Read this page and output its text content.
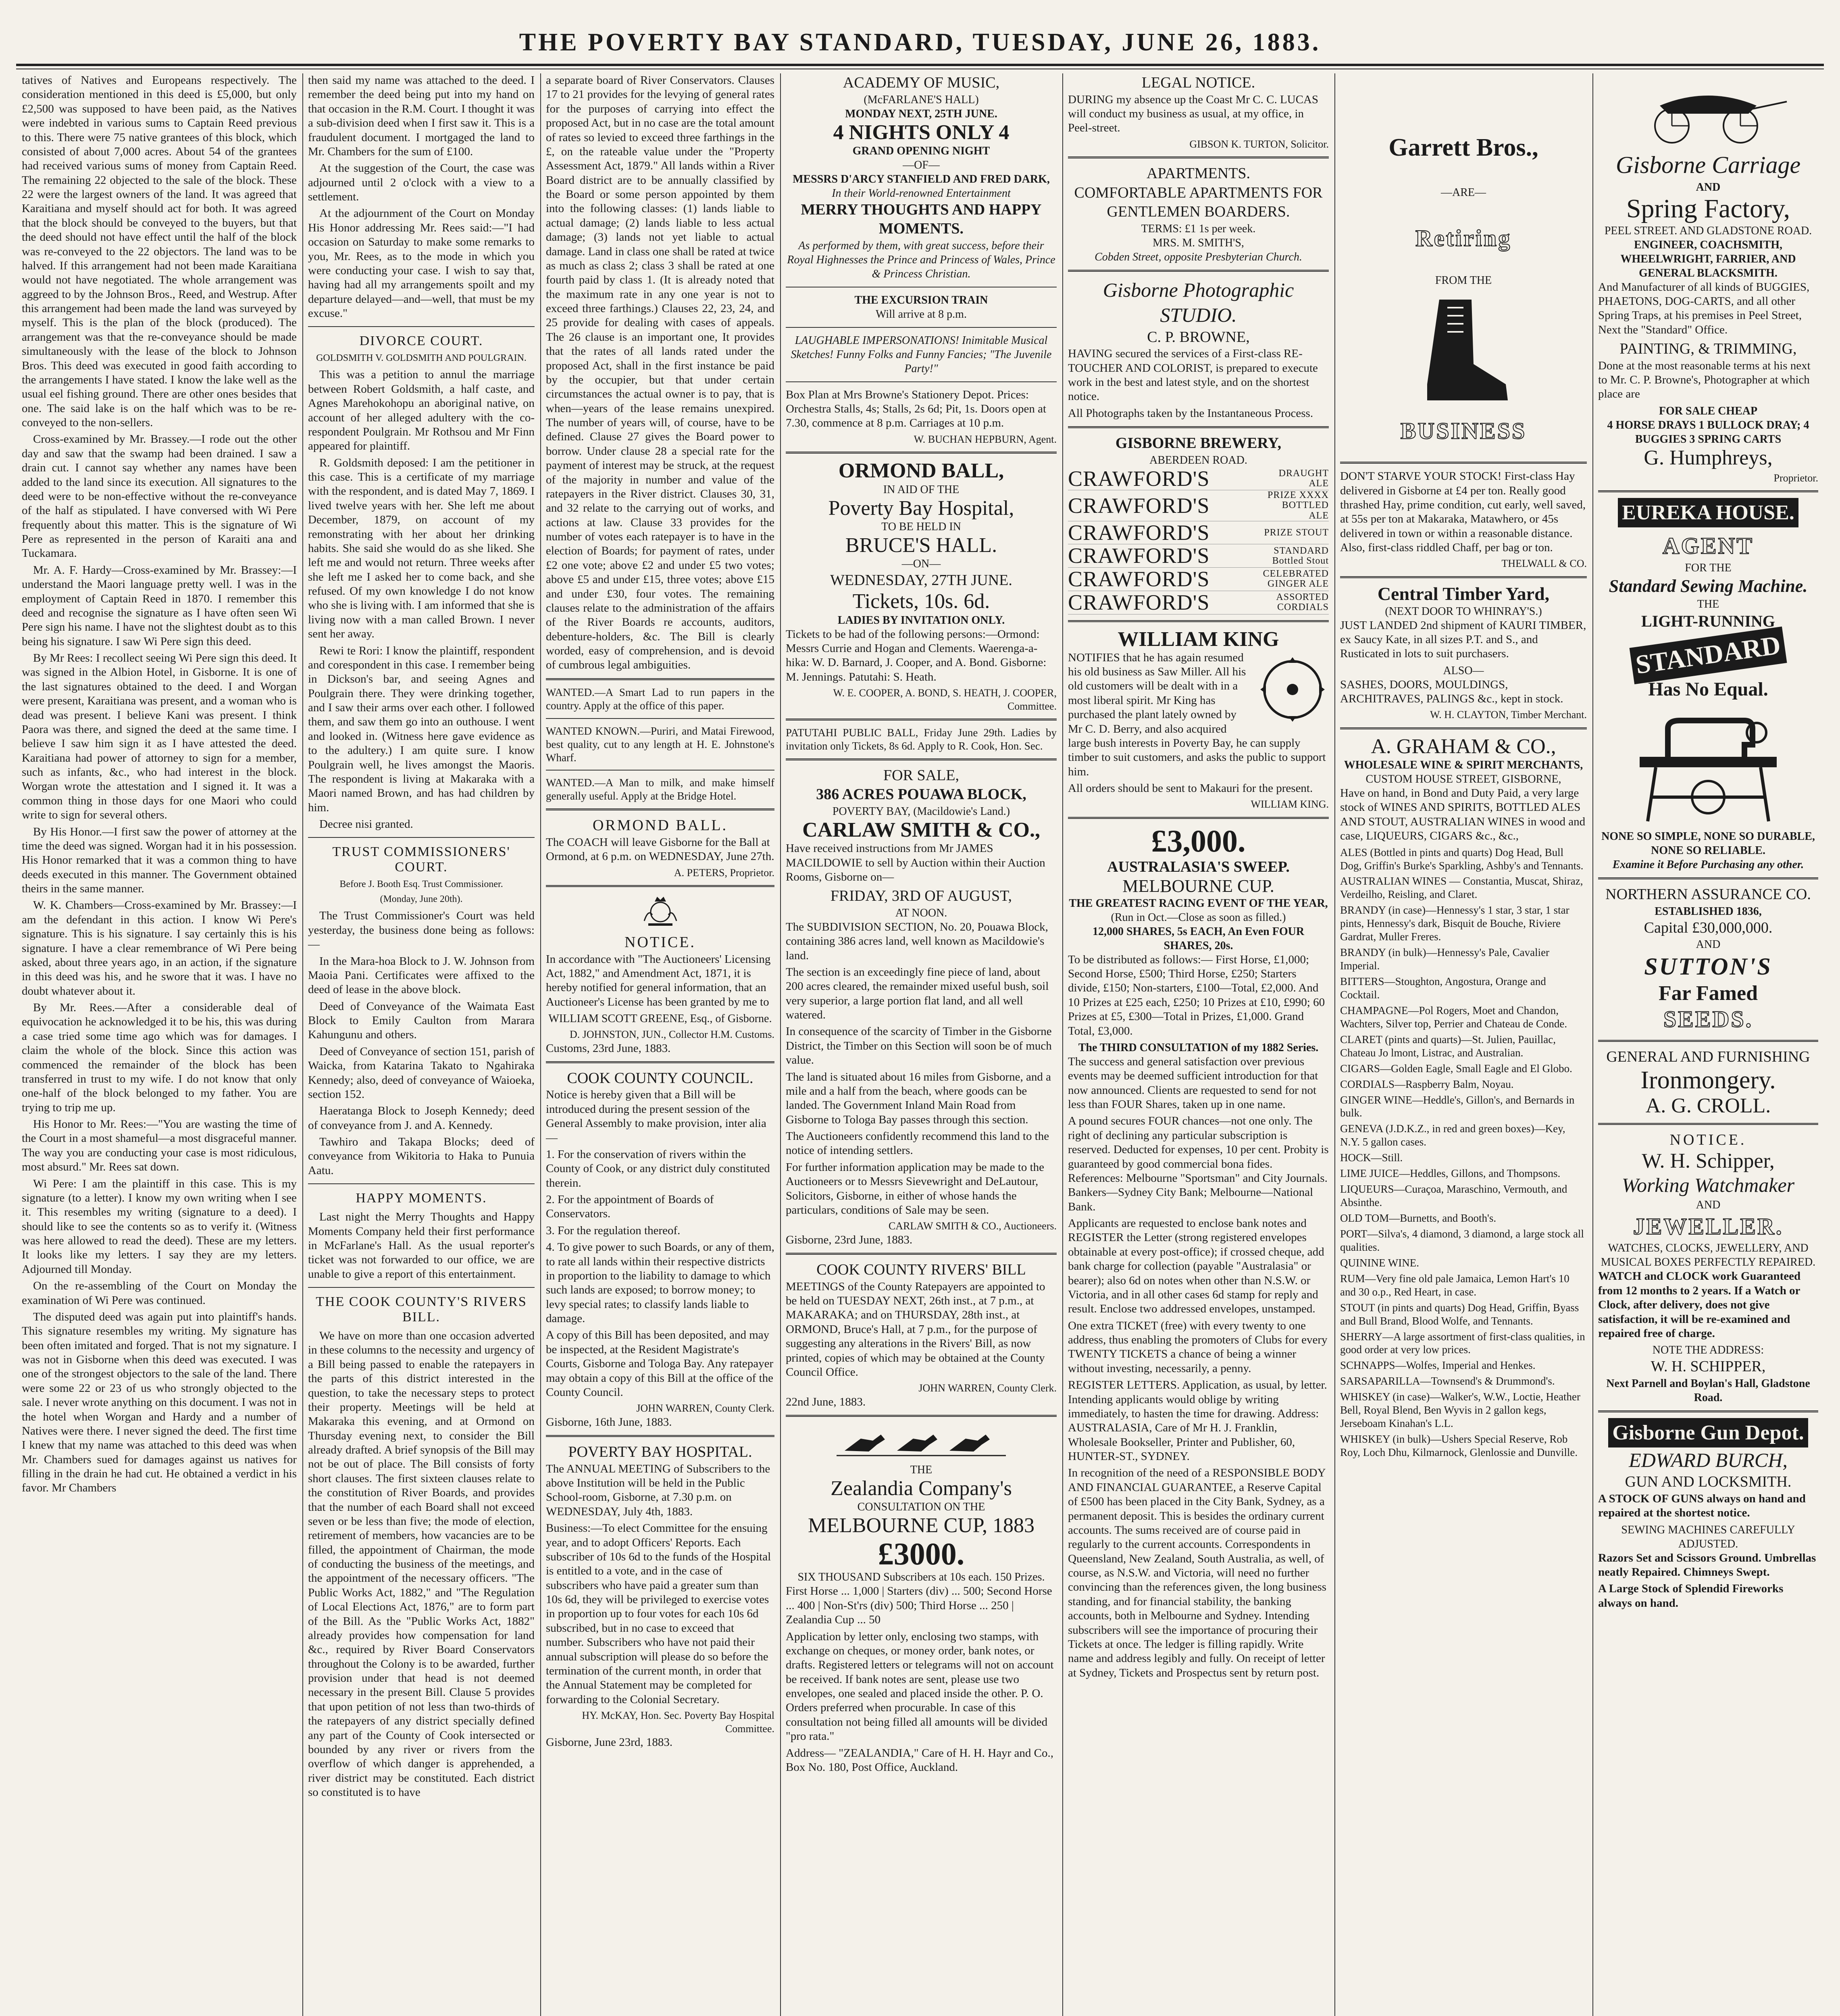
THE POVERTY BAY STANDARD, TUESDAY, JUNE 26, 1883.

tatives of Natives and Europeans respectively. The consideration mentioned in this deed is £5,000, but only £2,500 was supposed to have been paid, as the Natives were indebted in various sums to Captain Reed previous to this. There were 75 native grantees of this block, which consisted of about 7,000 acres. About 54 of the grantees had received various sums of money from Captain Reed. The remaining 22 objected to the sale of the block. These 22 were the largest owners of the land. It was agreed that Karaitiana and myself should act for both. It was agreed that the block should be conveyed to the buyers, but that the deed should not have effect until the half of the block was re-conveyed to the 22 objectors. The land was to be halved. If this arrangement had not been made Karaitiana would not have negotiated. The whole arrangement was aggreed to by the Johnson Bros., Reed, and Westrup. After this arrangement had been made the land was surveyed by myself. This is the plan of the block (produced). The arrangement was that the re-conveyance should be made simultaneously with the lease of the block to Johnson Bros. This deed was executed in good faith according to the arrangements I have stated. I know the lake well as the usual eel fishing ground. There are other ones besides that one. The said lake is on the half which was to be re-conveyed to the non-sellers.

Cross-examined by Mr. Brassey.—I rode out the other day and saw that the swamp had been drained. I saw a drain cut. I cannot say whether any names have been added to the land since its execution. All signatures to the deed were to be non-effective without the re-conveyance of the half as stipulated. I have conversed with Wi Pere frequently about this matter. This is the signature of Wi Pere as represented in the person of Karaiti ana and Tuckamara.

Mr. A. F. Hardy—Cross-examined by Mr. Brassey:—I understand the Maori language pretty well. I was in the employment of Captain Reed in 1870. I remember this deed and recognise the signature as I have often seen Wi Pere sign his name. I have not the slightest doubt as to this being his signature. I saw Wi Pere sign this deed.

By Mr Rees: I recollect seeing Wi Pere sign this deed. It was signed in the Albion Hotel, in Gisborne. It is one of the last signatures obtained to the deed. I and Worgan were present, Karaitiana was present, and a woman who is dead was present. I believe Kani was present. I think Paora was there, and signed the deed at the same time. I believe I saw him sign it as I have attested the deed. Karaitiana had power of attorney to sign for a member, such as infants, &c., who had interest in the block. Worgan wrote the attestation and I signed it. It was a common thing in those days for one Maori who could write to sign for several others.

By His Honor.—I first saw the power of attorney at the time the deed was signed. Worgan had it in his possession. His Honor remarked that it was a common thing to have deeds executed in this manner. The Government obtained theirs in the same manner.

W. K. Chambers—Cross-examined by Mr. Brassey:—I am the defendant in this action. I know Wi Pere's signature. This is his signature. I say certainly this is his signature. I have a clear remembrance of Wi Pere being asked, about three years ago, in an action, if the signature in this deed was his, and he swore that it was. I have no doubt whatever about it.

By Mr. Rees.—After a considerable deal of equivocation he acknowledged it to be his, this was during a case tried some time ago which was for damages. I claim the whole of the block. Since this action was commenced the remainder of the block has been transferred in trust to my wife. I do not know that only one-half of the block belonged to my father. You are trying to trip me up.

His Honor to Mr. Rees:—"You are wasting the time of the Court in a most shameful—a most disgraceful manner. The way you are conducting your case is most ridiculous, most absurd." Mr. Rees sat down.

Wi Pere: I am the plaintiff in this case. This is my signature (to a letter). I know my own writing when I see it. This resembles my writing (signature to a deed). I should like to see the contents so as to verify it. (Witness was here allowed to read the deed). These are my letters. It looks like my letters. I say they are my letters. Adjourned till Monday.

On the re-assembling of the Court on Monday the examination of Wi Pere was continued.

The disputed deed was again put into plaintiff's hands. This signature resembles my writing. My signature has been often imitated and forged. That is not my signature. I was not in Gisborne when this deed was executed. I was one of the strongest objectors to the sale of the land. There were some 22 or 23 of us who strongly objected to the sale. I never wrote anything on this document. I was not in the hotel when Worgan and Hardy and a number of Natives were there. I never signed the deed. The first time I knew that my name was attached to this deed was when Mr. Chambers sued for damages against us natives for filling in the drain he had cut. He obtained a verdict in his favor. Mr Chambers

then said my name was attached to the deed. I remember the deed being put into my hand on that occasion in the R.M. Court. I thought it was a sub-division deed when I first saw it. This is a fraudulent document. I mortgaged the land to Mr. Chambers for the sum of £100.

At the suggestion of the Court, the case was adjourned until 2 o'clock with a view to a settlement.

At the adjournment of the Court on Monday His Honor addressing Mr. Rees said:—"I had occasion on Saturday to make some remarks to you, Mr. Rees, as to the mode in which you were conducting your case. I wish to say that, having had all my arrangements spoilt and my departure delayed—and—well, that must be my excuse."

DIVORCE COURT.
GOLDSMITH V. GOLDSMITH AND POULGRAIN.

This was a petition to annul the marriage between Robert Goldsmith, a half caste, and Agnes Marehokohopu an aboriginal native, on account of her alleged adultery with the co-respondent Poulgrain. Mr Rothsou and Mr Finn appeared for plaintiff.

R. Goldsmith deposed: I am the petitioner in this case. This is a certificate of my marriage with the respondent, and is dated May 7, 1869. I lived twelve years with her. She left me about December, 1879, on account of my remonstrating with her about her drinking habits. She said she would do as she liked. She left me and would not return. Three weeks after she left me I asked her to come back, and she refused. Of my own knowledge I do not know who she is living with. I am informed that she is living now with a man called Brown. I never sent her away.

Rewi te Rori: I know the plaintiff, respondent and corespondent in this case. I remember being in Dickson's bar, and seeing Agnes and Poulgrain there. They were drinking together, and I saw their arms over each other. I followed them, and saw them go into an outhouse. I went and looked in. (Witness here gave evidence as to the adultery.) I am quite sure. I know Poulgrain well, he lives amongst the Maoris. The respondent is living at Makaraka with a Maori named Brown, and has had children by him.

Decree nisi granted.

TRUST COMMISSIONERS' COURT.
Before J. Booth Esq. Trust Commissioner.
(Monday, June 20th).

The Trust Commissioner's Court was held yesterday, the business done being as follows:—

In the Mara-hoa Block to J. W. Johnson from Maoia Pani. Certificates were affixed to the deed of lease in the above block.

Deed of Conveyance of the Waimata East Block to Emily Caulton from Marara Kahungunu and others.

Deed of Conveyance of section 151, parish of Waicka, from Katarina Takato to Ngahiraka Kennedy; also, deed of conveyance of Waioeka, section 152.

Haeratanga Block to Joseph Kennedy; deed of conveyance from J. and A. Kennedy.

Tawhiro and Takapa Blocks; deed of conveyance from Wikitoria to Haka to Punuia Aatu.

HAPPY MOMENTS.

Last night the Merry Thoughts and Happy Moments Company held their first performance in McFarlane's Hall. As the usual reporter's ticket was not forwarded to our office, we are unable to give a report of this entertainment.

THE COOK COUNTY'S RIVERS BILL.

We have on more than one occasion adverted in these columns to the necessity and urgency of a Bill being passed to enable the ratepayers in the parts of this district interested in the question, to take the necessary steps to protect their property. Meetings will be held at Makaraka this evening, and at Ormond on Thursday evening next, to consider the Bill already drafted. A brief synopsis of the Bill may not be out of place. The Bill consists of forty short clauses. The first sixteen clauses relate to the constitution of River Boards, and provides that the number of each Board shall not exceed seven or be less than five; the mode of election, retirement of members, how vacancies are to be filled, the appointment of Chairman, the mode of conducting the business of the meetings, and the appointment of the necessary officers. "The Public Works Act, 1882," and "The Regulation of Local Elections Act, 1876," are to form part of the Bill. As the "Public Works Act, 1882" already provides how compensation for land &c., required by River Board Conservators throughout the Colony is to be awarded, further provision under that head is not deemed necessary in the present Bill. Clause 5 provides that upon petition of not less than two-thirds of the ratepayers of any district specially defined any part of the County of Cook intersected or bounded by any river or rivers from the overflow of which danger is apprehended, a river district may be constituted. Each district so constituted is to have

a separate board of River Conservators. Clauses 17 to 21 provides for the levying of general rates for the purposes of carrying into effect the proposed Act, but in no case are the total amount of rates so levied to exceed three farthings in the £, on the rateable value under the "Property Assessment Act, 1879." All lands within a River Board district are to be annually classified by the Board or some person appointed by them into the following classes: (1) lands liable to actual damage; (2) lands liable to less actual damage; (3) lands not yet liable to actual damage. Land in class one shall be rated at twice as much as class 2; class 3 shall be rated at one fourth paid by class 1. (It is already noted that the maximum rate in any one year is not to exceed three farthings.) Clauses 22, 23, 24, and 25 provide for dealing with cases of appeals. The 26 clause is an important one, It provides that the rates of all lands rated under the proposed Act, shall in the first instance be paid by the occupier, but that under certain circumstances the actual owner is to pay, that is when—years of the lease remains unexpired. The number of years will, of course, have to be defined. Clause 27 gives the Board power to borrow. Under clause 28 a special rate for the payment of interest may be struck, at the request of the majority in number and value of the ratepayers in the River district. Clauses 30, 31, and 32 relate to the carrying out of works, and actions at law. Clause 33 provides for the number of votes each ratepayer is to have in the election of Boards; for payment of rates, under £2 one vote; above £2 and under £5 two votes; above £5 and under £15, three votes; above £15 and under £30, four votes. The remaining clauses relate to the administration of the affairs of the River Boards re accounts, auditors, debenture-holders, &c. The Bill is clearly worded, easy of comprehension, and is devoid of cumbrous legal ambiguities.

WANTED.—A Smart Lad to run papers in the country. Apply at the office of this paper.

WANTED KNOWN.—Puriri, and Matai Firewood, best quality, cut to any length at H. E. Johnstone's Wharf.

WANTED.—A Man to milk, and make himself generally useful. Apply at the Bridge Hotel.

ORMOND BALL.

The COACH will leave Gisborne for the Ball at Ormond, at 6 p.m. on WEDNESDAY, June 27th.

A. PETERS, Proprietor.
NOTICE.

In accordance with "The Auctioneers' Licensing Act, 1882," and Amendment Act, 1871, it is hereby notified for general information, that an Auctioneer's License has been granted by me to

WILLIAM SCOTT GREENE, Esq., of Gisborne.
D. JOHNSTON, JUN., Collector H.M. Customs.

Customs, 23rd June, 1883.

COOK COUNTY COUNCIL.

Notice is hereby given that a Bill will be introduced during the present session of the General Assembly to make provision, inter alia—

1. For the conservation of rivers within the County of Cook, or any district duly constituted therein.

2. For the appointment of Boards of Conservators.

3. For the regulation thereof.

4. To give power to such Boards, or any of them, to rate all lands within their respective districts in proportion to the liability to damage to which such lands are exposed; to borrow money; to levy special rates; to classify lands liable to damage.

A copy of this Bill has been deposited, and may be inspected, at the Resident Magistrate's Courts, Gisborne and Tologa Bay. Any ratepayer may obtain a copy of this Bill at the office of the County Council.

JOHN WARREN, County Clerk.

Gisborne, 16th June, 1883.

POVERTY BAY HOSPITAL.

The ANNUAL MEETING of Subscribers to the above Institution will be held in the Public School-room, Gisborne, at 7.30 p.m. on WEDNESDAY, July 4th, 1883.

Business:—To elect Committee for the ensuing year, and to adopt Officers' Reports. Each subscriber of 10s 6d to the funds of the Hospital is entitled to a vote, and in the case of subscribers who have paid a greater sum than 10s 6d, they will be privileged to exercise votes in proportion up to four votes for each 10s 6d subscribed, but in no case to exceed that number. Subscribers who have not paid their annual subscription will please do so before the termination of the current month, in order that the Annual Statement may be completed for forwarding to the Colonial Secretary.

HY. McKAY, Hon. Sec. Poverty Bay Hospital Committee.

Gisborne, June 23rd, 1883.

ACADEMY OF MUSIC,
(McFARLANE'S HALL)
MONDAY NEXT, 25TH JUNE.
4 NIGHTS ONLY 4
GRAND OPENING NIGHT
—OF—
MESSRS D'ARCY STANFIELD AND FRED DARK,
In their World-renowned Entertainment
MERRY THOUGHTS AND HAPPY MOMENTS.
As performed by them, with great success, before their Royal Highnesses the Prince and Princess of Wales, Prince & Princess Christian.
THE EXCURSION TRAIN
Will arrive at 8 p.m.
LAUGHABLE IMPERSONATIONS! Inimitable Musical Sketches! Funny Folks and Funny Fancies; "The Juvenile Party!"

Box Plan at Mrs Browne's Stationery Depot. Prices: Orchestra Stalls, 4s; Stalls, 2s 6d; Pit, 1s. Doors open at 7.30, commence at 8 p.m. Carriages at 10 p.m.

W. BUCHAN HEPBURN, Agent.
ORMOND BALL,
IN AID OF THE
Poverty Bay Hospital,
TO BE HELD IN
BRUCE'S HALL.
—ON—
WEDNESDAY, 27TH JUNE.
Tickets, 10s. 6d.
LADIES BY INVITATION ONLY.

Tickets to be had of the following persons:—Ormond: Messrs Currie and Hogan and Clements. Waerenga-a-hika: W. D. Barnard, J. Cooper, and A. Bond. Gisborne: M. Jennings. Patutahi: S. Heath.

W. E. COOPER, A. BOND, S. HEATH, J. COOPER, Committee.

PATUTAHI PUBLIC BALL, Friday June 29th. Ladies by invitation only Tickets, 8s 6d. Apply to R. Cook, Hon. Sec.

FOR SALE,
386 ACRES POUAWA BLOCK,
POVERTY BAY, (Macildowie's Land.)
CARLAW SMITH & CO.,

Have received instructions from Mr JAMES MACILDOWIE to sell by Auction within their Auction Rooms, Gisborne on—

FRIDAY, 3RD OF AUGUST,
AT NOON.

The SUBDIVISION SECTION, No. 20, Pouawa Block, containing 386 acres land, well known as Macildowie's land.

The section is an exceedingly fine piece of land, about 200 acres cleared, the remainder mixed useful bush, soil very superior, a large portion flat land, and all well watered.

In consequence of the scarcity of Timber in the Gisborne District, the Timber on this Section will soon be of much value.

The land is situated about 16 miles from Gisborne, and a mile and a half from the beach, where goods can be landed. The Government Inland Main Road from Gisborne to Tologa Bay passes through this section.

The Auctioneers confidently recommend this land to the notice of intending settlers.

For further information application may be made to the Auctioneers or to Messrs Sievewright and DeLautour, Solicitors, Gisborne, in either of whose hands the particulars, conditions of Sale may be seen.

CARLAW SMITH & CO., Auctioneers.

Gisborne, 23rd June, 1883.

COOK COUNTY RIVERS' BILL

MEETINGS of the County Ratepayers are appointed to be held on TUESDAY NEXT, 26th inst., at 7 p.m., at MAKARAKA; and on THURSDAY, 28th inst., at ORMOND, Bruce's Hall, at 7 p.m., for the purpose of suggesting any alterations in the Rivers' Bill, as now printed, copies of which may be obtained at the County Council Office.

JOHN WARREN, County Clerk.

22nd June, 1883.

THE
Zealandia Company's
CONSULTATION ON THE
MELBOURNE CUP, 1883
£3000.
SIX THOUSAND Subscribers at 10s each. 150 Prizes.

First Horse ... 1,000 | Starters (div) ... 500; Second Horse ... 400 | Non-St'rs (div) 500; Third Horse ... 250 | Zealandia Cup ... 50

Application by letter only, enclosing two stamps, with exchange on cheques, or money order, bank notes, or drafts. Registered letters or telegrams will not on account be received. If bank notes are sent, please use two envelopes, one sealed and placed inside the other. P. O. Orders preferred when procurable. In case of this consultation not being filled all amounts will be divided "pro rata."

Address— "ZEALANDIA," Care of H. H. Hayr and Co., Box No. 180, Post Office, Auckland.

LEGAL NOTICE.

DURING my absence up the Coast Mr C. C. LUCAS will conduct my business as usual, at my office, in Peel-street.

GIBSON K. TURTON, Solicitor.
APARTMENTS.
COMFORTABLE APARTMENTS FOR GENTLEMEN BOARDERS.
TERMS: £1 1s per week.
MRS. M. SMITH'S,
Cobden Street, opposite Presbyterian Church.
Gisborne Photographic STUDIO.
C. P. BROWNE,

HAVING secured the services of a First-class RE-TOUCHER AND COLORIST, is prepared to execute work in the best and latest style, and on the shortest notice.

All Photographs taken by the Instantaneous Process.

GISBORNE BREWERY,
ABERDEEN ROAD.
CRAWFORD'S	DRAUGHT ALE
CRAWFORD'S	PRIZE XXXX BOTTLED ALE
CRAWFORD'S	PRIZE STOUT
CRAWFORD'S	STANDARD Bottled Stout
CRAWFORD'S	CELEBRATED GINGER ALE
CRAWFORD'S	ASSORTED CORDIALS
WILLIAM KING

NOTIFIES that he has again resumed his old business as Saw Miller. All his old customers will be dealt with in a most liberal spirit. Mr King has purchased the plant lately owned by Mr C. D. Berry, and also acquired large bush interests in Poverty Bay, he can supply timber to suit customers, and asks the public to support him.

All orders should be sent to Makauri for the present.

WILLIAM KING.
£3,000.
AUSTRALASIA'S SWEEP.
MELBOURNE CUP.
THE GREATEST RACING EVENT OF THE YEAR,
(Run in Oct.—Close as soon as filled.)
12,000 SHARES, 5s EACH, An Even FOUR SHARES, 20s.

To be distributed as follows:— First Horse, £1,000; Second Horse, £500; Third Horse, £250; Starters divide, £150; Non-starters, £100—Total, £2,000. And 10 Prizes at £25 each, £250; 10 Prizes at £10, £990; 60 Prizes at £5, £300—Total in Prizes, £1,000. Grand Total, £3,000.

The THIRD CONSULTATION of my 1882 Series.

The success and general satisfaction over previous events may be deemed sufficient introduction for that now announced. Clients are requested to send for not less than FOUR Shares, taken up in one name.

A pound secures FOUR chances—not one only. The right of declining any particular subscription is reserved. Deducted for expenses, 10 per cent. Probity is guaranteed by good commercial bona fides. References: Melbourne "Sportsman" and City Journals. Bankers—Sydney City Bank; Melbourne—National Bank.

Applicants are requested to enclose bank notes and REGISTER the Letter (strong registered envelopes obtainable at every post-office); if crossed cheque, add bank charge for collection (payable "Australasia" or bearer); also 6d on notes when other than N.S.W. or Victoria, and in all other cases 6d stamp for reply and result. Enclose two addressed envelopes, unstamped.

One extra TICKET (free) with every twenty to one address, thus enabling the promoters of Clubs for every TWENTY TICKETS a chance of being a winner without investing, necessarily, a penny.

REGISTER LETTERS. Application, as usual, by letter. Intending applicants would oblige by writing immediately, to hasten the time for drawing. Address: AUSTRALASIA, Care of Mr H. J. Franklin, Wholesale Bookseller, Printer and Publisher, 60, HUNTER-ST., SYDNEY.

In recognition of the need of a RESPONSIBLE BODY AND FINANCIAL GUARANTEE, a Reserve Capital of £500 has been placed in the City Bank, Sydney, as a permanent deposit. This is besides the ordinary current accounts. The sums received are of course paid in regularly to the current accounts. Correspondents in Queensland, New Zealand, South Australia, as well, of course, as N.S.W. and Victoria, will need no further convincing than the references given, the long business standing, and for financial stability, the banking accounts, both in Melbourne and Sydney. Intending subscribers will see the importance of procuring their Tickets at once. The ledger is filling rapidly. Write name and address legibly and fully. On receipt of letter at Sydney, Tickets and Prospectus sent by return post.

Garrett Bros.,
—ARE—
Retiring
FROM THE
BUSINESS

DON'T STARVE YOUR STOCK! First-class Hay delivered in Gisborne at £4 per ton. Really good thrashed Hay, prime condition, cut early, well saved, at 55s per ton at Makaraka, Matawhero, or 45s delivered in town or within a reasonable distance. Also, first-class riddled Chaff, per bag or ton.

THELWALL & CO.
Central Timber Yard,
(NEXT DOOR TO WHINRAY'S.)

JUST LANDED 2nd shipment of KAURI TIMBER, ex Saucy Kate, in all sizes P.T. and S., and Rusticated in lots to suit purchasers.

ALSO—

SASHES, DOORS, MOULDINGS, ARCHITRAVES, PALINGS &c., kept in stock.

W. H. CLAYTON, Timber Merchant.
A. GRAHAM & CO.,
WHOLESALE WINE & SPIRIT MERCHANTS,
CUSTOM HOUSE STREET, GISBORNE,

Have on hand, in Bond and Duty Paid, a very large stock of WINES AND SPIRITS, BOTTLED ALES AND STOUT, AUSTRALIAN WINES in wood and case, LIQUEURS, CIGARS &c., &c.,

ALES (Bottled in pints and quarts) Dog Head, Bull Dog, Griffin's Burke's Sparkling, Ashby's and Tennants.
AUSTRALIAN WINES — Constantia, Muscat, Shiraz, Verdeilho, Reisling, and Claret.
BRANDY (in case)—Hennessy's 1 star, 3 star, 1 star pints, Hennessy's dark, Bisquit de Bouche, Riviere Gardrat, Muller Freres.
BRANDY (in bulk)—Hennessy's Pale, Cavalier Imperial.
BITTERS—Stoughton, Angostura, Orange and Cocktail.
CHAMPAGNE—Pol Rogers, Moet and Chandon, Wachters, Silver top, Perrier and Chateau de Conde.
CLARET (pints and quarts)—St. Julien, Pauillac, Chateau Jo lmont, Listrac, and Australian.
CIGARS—Golden Eagle, Small Eagle and El Globo.
CORDIALS—Raspberry Balm, Noyau.
GINGER WINE—Heddle's, Gillon's, and Bernards in bulk.
GENEVA (J.D.K.Z., in red and green boxes)—Key, N.Y. 5 gallon cases.
HOCK—Still.
LIME JUICE—Heddles, Gillons, and Thompsons.
LIQUEURS—Curaçoa, Maraschino, Vermouth, and Absinthe.
OLD TOM—Burnetts, and Booth's.
PORT—Silva's, 4 diamond, 3 diamond, a large stock all qualities.
QUININE WINE.
RUM—Very fine old pale Jamaica, Lemon Hart's 10 and 30 o.p., Red Heart, in case.
STOUT (in pints and quarts) Dog Head, Griffin, Byass and Bull Brand, Blood Wolfe, and Tennants.
SHERRY—A large assortment of first-class qualities, in good order at very low prices.
SCHNAPPS—Wolfes, Imperial and Henkes.
SARSAPARILLA—Townsend's & Drummond's.
WHISKEY (in case)—Walker's, W.W., Loctie, Heather Bell, Royal Blend, Ben Wyvis in 2 gallon kegs, Jerseboam Kinahan's L.L.
WHISKEY (in bulk)—Ushers Special Reserve, Rob Roy, Loch Dhu, Kilmarnock, Glenlossie and Dunville.
Gisborne Carriage
AND
Spring Factory,
PEEL STREET. AND GLADSTONE ROAD.
ENGINEER, COACHSMITH, WHEELWRIGHT, FARRIER, AND GENERAL BLACKSMITH.

And Manufacturer of all kinds of BUGGIES, PHAETONS, DOG-CARTS, and all other Spring Traps, at his premises in Peel Street, Next the "Standard" Office.

PAINTING, & TRIMMING,

Done at the most reasonable terms at his next to Mr. C. P. Browne's, Photographer at which place are

FOR SALE CHEAP
4 HORSE DRAYS 1 BULLOCK DRAY; 4 BUGGIES 3 SPRING CARTS
G. Humphreys,
Proprietor.
EUREKA HOUSE.
AGENT
FOR THE
Standard Sewing Machine.
THE
LIGHT-RUNNING
STANDARD
Has No Equal.
NONE SO SIMPLE, NONE SO DURABLE, NONE SO RELIABLE.
Examine it Before Purchasing any other.
NORTHERN ASSURANCE CO.
ESTABLISHED 1836,
Capital £30,000,000.
AND
SUTTON'S
Far Famed
SEEDS.
GENERAL AND FURNISHING
Ironmongery.
A. G. CROLL.
NOTICE.
W. H. Schipper,
Working Watchmaker
AND
JEWELLER.
WATCHES, CLOCKS, JEWELLERY, AND MUSICAL BOXES PERFECTLY REPAIRED.

WATCH and CLOCK work Guaranteed from 12 months to 2 years. If a Watch or Clock, after delivery, does not give satisfaction, it will be re-examined and repaired free of charge.

NOTE THE ADDRESS:
W. H. SCHIPPER,
Next Parnell and Boylan's Hall, Gladstone Road.
Gisborne Gun Depot.
EDWARD BURCH,
GUN AND LOCKSMITH.

A STOCK OF GUNS always on hand and repaired at the shortest notice.

SEWING MACHINES CAREFULLY ADJUSTED.

Razors Set and Scissors Ground. Umbrellas neatly Repaired. Chimneys Swept.

A Large Stock of Splendid Fireworks always on hand.
